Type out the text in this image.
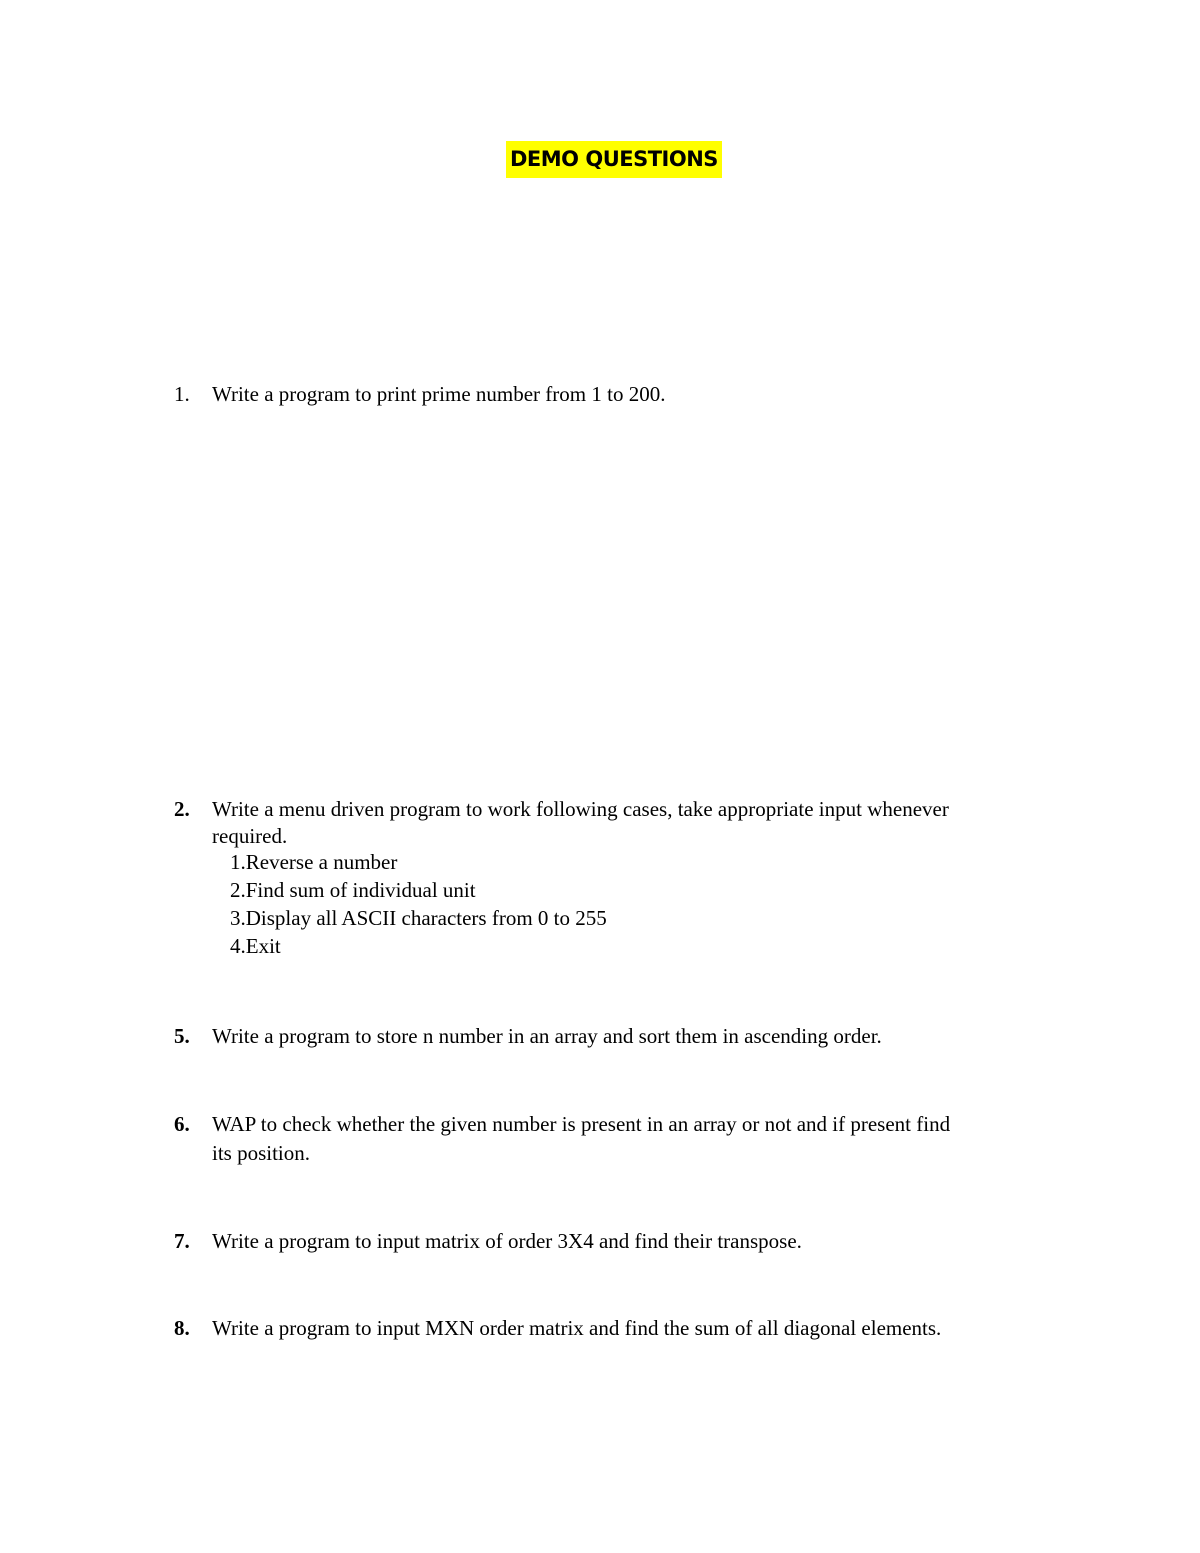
DEMO QUESTIONS
1. Write a program to print prime number from 1 to 200.
2. Write a menu driven program to work following cases, take appropriate input whenever
required.
1.Reverse a number
2.Find sum of individual unit
3.Display all ASCII characters from 0 to 255
4.Exit
5. Write a program to store n number in an array and sort them in ascending order.
6. WAP to check whether the given number is present in an array or not and if present find
its position.
7. Write a program to input matrix of order 3X4 and find their transpose.
8. Write a program to input MXN order matrix and find the sum of all diagonal elements.
